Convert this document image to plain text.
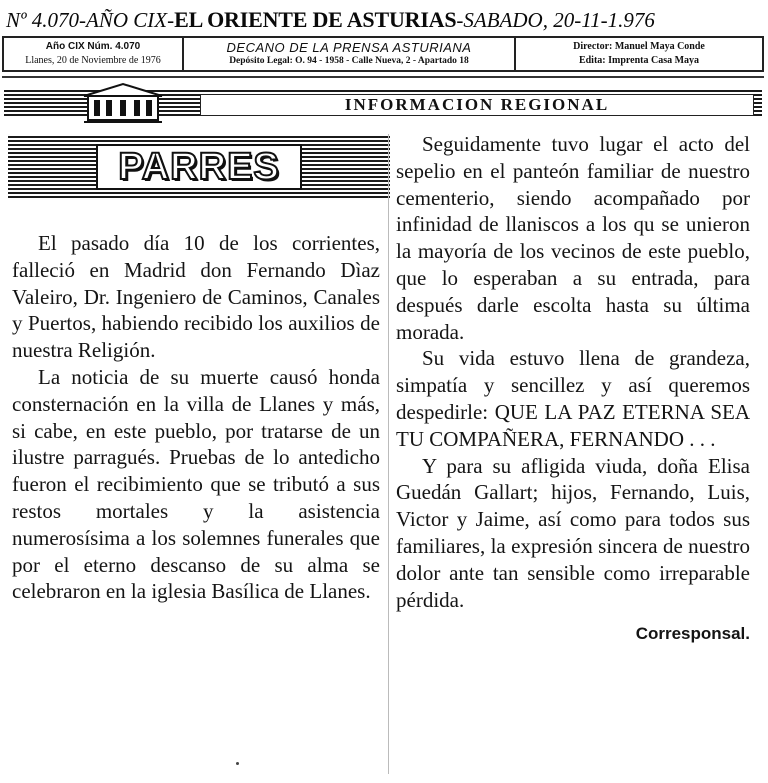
Nº 4.070-AÑO CIX-EL ORIENTE DE ASTURIAS-SABADO, 20-11-1.976
Año CIX Núm. 4.070
Llanes, 20 de Noviembre de 1976
DECANO DE LA PRENSA ASTURIANA
Depósito Legal: O. 94 - 1958 - Calle Nueva, 2 - Apartado 18
Director: Manuel Maya Conde
Edita: Imprenta Casa Maya
INFORMACION REGIONAL
PARRES

El pasado día 10 de los corrientes, falleció en Madrid don Fernando Dìaz Valeiro, Dr. Ingeniero de Caminos, Canales y Puertos, habiendo recibido los auxilios de nuestra Religión.

La noticia de su muerte causó honda consternación en la villa de Llanes y más, si cabe, en este pueblo, por tratarse de un ilustre parragués. Pruebas de lo antedicho fueron el recibimiento que se tributó a sus restos mortales y la asistencia numerosísima a los solemnes funerales que por el eterno descanso de su alma se celebraron en la iglesia Basílica de Llanes.

Seguidamente tuvo lugar el acto del sepelio en el panteón familiar de nuestro cementerio, siendo acompañado por infinidad de llaniscos a los qu se unieron la mayoría de los vecinos de este pueblo, que lo esperaban a su entrada, para después darle escolta hasta su última morada.

Su vida estuvo llena de grandeza, simpatía y sencillez y así queremos despedirle: QUE LA PAZ ETERNA SEA TU COMPAÑERA, FERNANDO . . .

Y para su afligida viuda, doña Elisa Guedán Gallart; hijos, Fernando, Luis, Victor y Jaime, así como para todos sus familiares, la expresión sincera de nuestro dolor ante tan sensible como irreparable pérdida.

Corresponsal.
